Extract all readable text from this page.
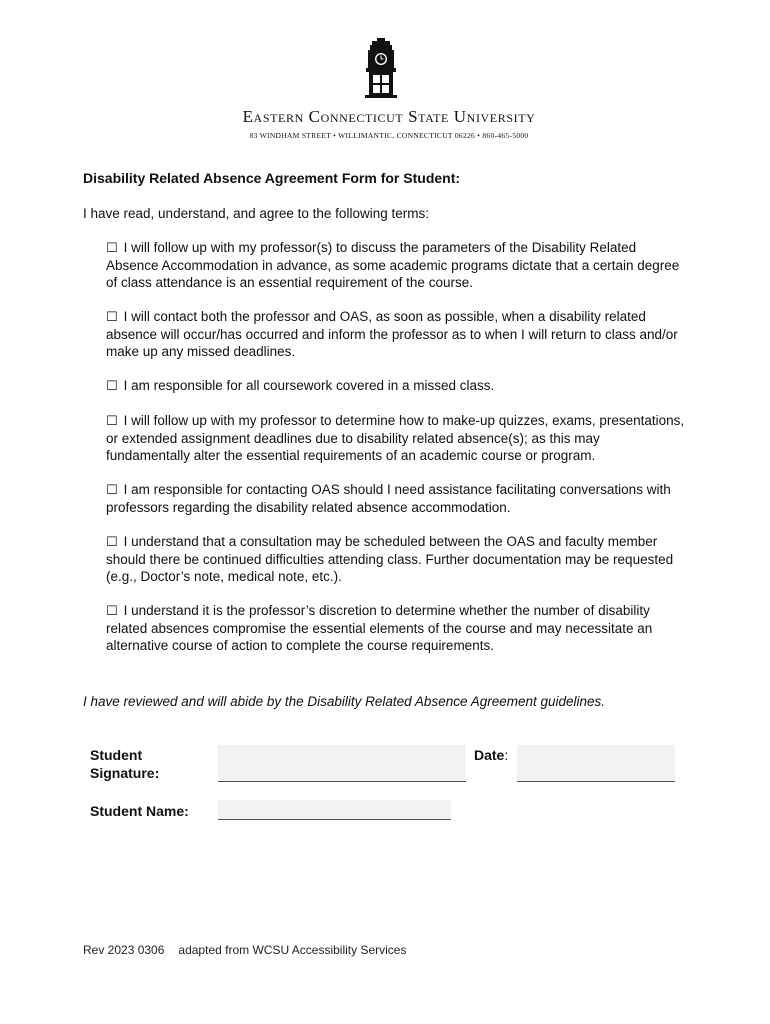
Eastern Connecticut State University
83 WINDHAM STREET • WILLIMANTIC, CONNECTICUT 06226 • 860-465-5000
Disability Related Absence Agreement Form for Student:
I have read, understand, and agree to the following terms:

☐ I will follow up with my professor(s) to discuss the parameters of the Disability Related Absence Accommodation in advance, as some academic programs dictate that a certain degree of class attendance is an essential requirement of the course.

☐ I will contact both the professor and OAS, as soon as possible, when a disability related absence will occur/has occurred and inform the professor as to when I will return to class and/or make up any missed deadlines.

☐ I am responsible for all coursework covered in a missed class.

☐ I will follow up with my professor to determine how to make-up quizzes, exams, presentations, or extended assignment deadlines due to disability related absence(s); as this may fundamentally alter the essential requirements of an academic course or program.

☐ I am responsible for contacting OAS should I need assistance facilitating conversations with professors regarding the disability related absence accommodation.

☐ I understand that a consultation may be scheduled between the OAS and faculty member should there be continued difficulties attending class. Further documentation may be requested (e.g., Doctor’s note, medical note, etc.).

☐ I understand it is the professor’s discretion to determine whether the number of disability related absences compromise the essential elements of the course and may necessitate an alternative course of action to complete the course requirements.

I have reviewed and will abide by the Disability Related Absence Agreement guidelines.
Student
Signature:
Date:
Student Name:
Rev 2023 0306 adapted from WCSU Accessibility Services
